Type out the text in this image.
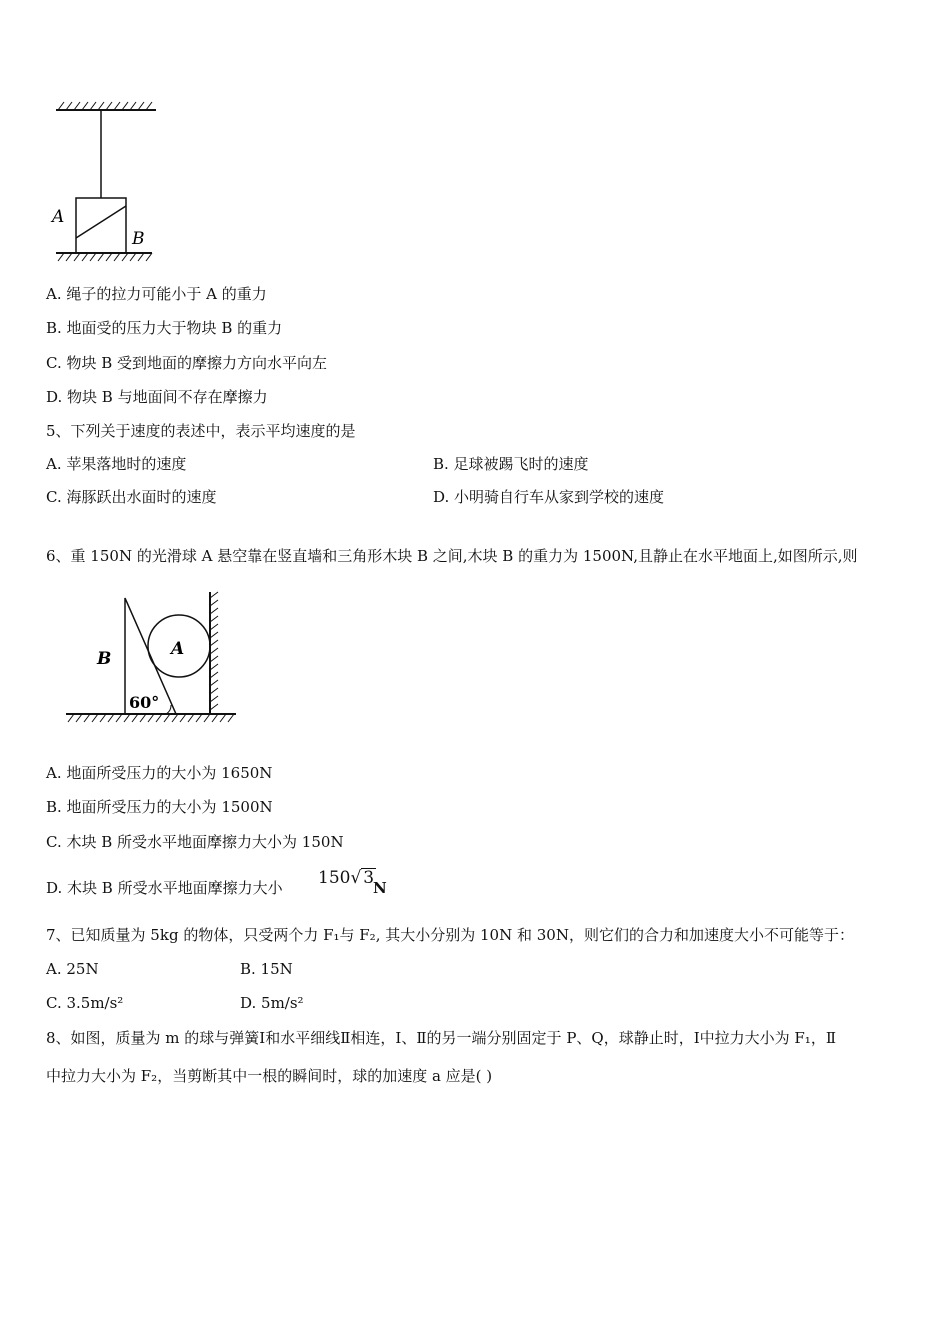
A
B
A. 绳子的拉力可能小于 A 的重力
B. 地面受的压力大于物块 B 的重力
C. 物块 B 受到地面的摩擦力方向水平向左
D. 物块 B 与地面间不存在摩擦力
5、下列关于速度的表述中，表示平均速度的是
A. 苹果落地时的速度	B. 足球被踢飞时的速度
C. 海豚跃出水面时的速度	D. 小明骑自行车从家到学校的速度
6、重 150N 的光滑球 A 悬空靠在竖直墙和三角形木块 B 之间,木块 B 的重力为 1500N,且静止在水平地面上,如图所示,则
A
B
60°
A. 地面所受压力的大小为 1650N
B. 地面所受压力的大小为 1500N
C. 木块 B 所受水平地面摩擦力大小为 150N
D. 木块 B 所受水平地面摩擦力大小 150√ 3
N
7、已知质量为 5kg 的物体，只受两个力 F₁与 F₂, 其大小分别为 10N 和 30N，则它们的合力和加速度大小不可能等于：
A. 25N	B. 15N
C. 3.5m/s²	D. 5m/s²
8、如图，质量为 m 的球与弹簧Ⅰ和水平细线Ⅱ相连，Ⅰ、Ⅱ的另一端分别固定于 P、Q，球静止时，Ⅰ中拉力大小为 F₁，Ⅱ
中拉力大小为 F₂，当剪断其中一根的瞬间时，球的加速度 a 应是( )
